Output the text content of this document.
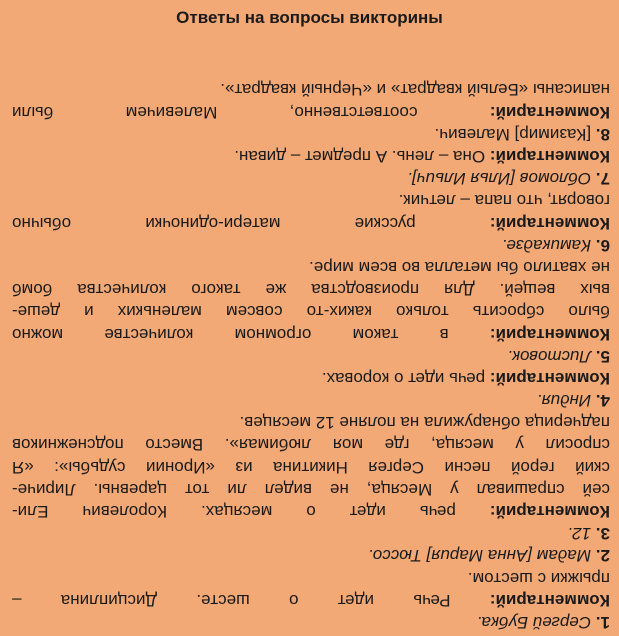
Ответы на вопросы викторины
1. Сергей Бубка.
Комментарий: Речь идет о шесте. Дисциплина –
прыжки с шестом.
2. Мадам [Анна Мария] Тюссо.
3. 12.
Комментарий: речь идет о месяцах. Королевич Eли-
сей спрашивал у Месяца, не видел ли тот царевны. Лириче-
ский герой песни Сергея Никитина из «Иронии судьбы»: «Я
спросил у месяца, где моя любимая». Вместо подснежников
падчерица обнаружила на поляне 12 месяцев.
4. Индия.
Комментарий: речь идет о коровах.
5. Листовок.
Комментарий: в таком огромном количестве можно
было сбросить только каких-то совсем маленьких и деше-
вых вещей. Для производства же такого количества бомб
не хватило бы металла во всем мире.
6. Камикадзе.
Комментарий: русские матери-одиночки обычно
говорят, что папа – летчик.
7. Обломов [Илья Ильич].
Комментарий: Она – лень. А предмет – диван.
8. [Казимир] Малевич.
Комментарий: соответственно, Малевичем были
написаны «Белый квадрат» и «Черный квадрат».
